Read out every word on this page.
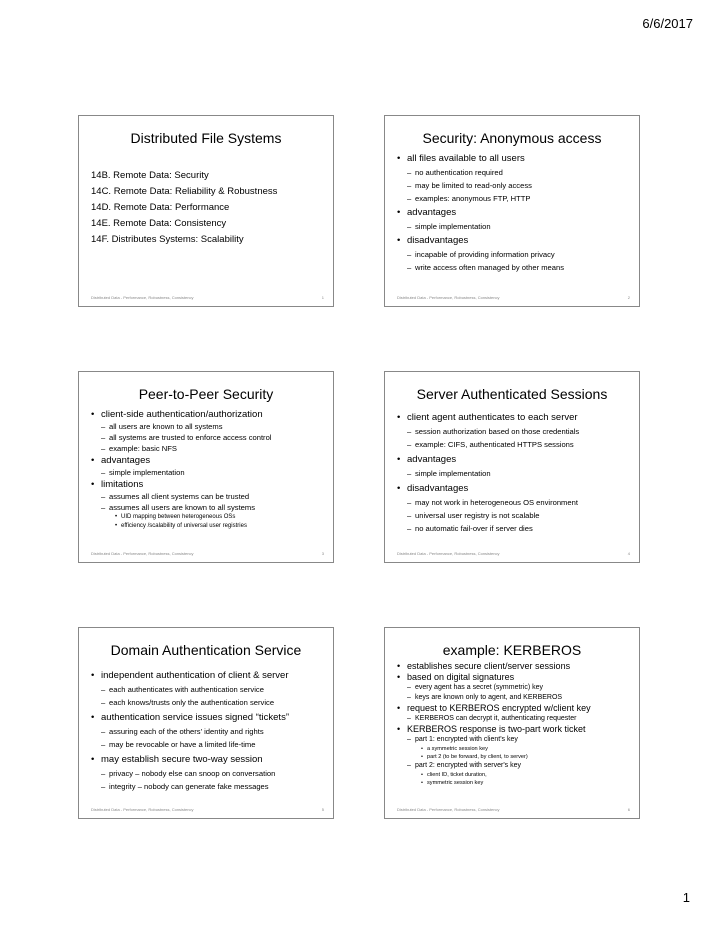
6/6/2017
Distributed File Systems
14B. Remote Data: Security
14C. Remote Data: Reliability & Robustness
14D. Remote Data: Performance
14E. Remote Data: Consistency
14F. Distributes Systems: Scalability
Distributed Data - Performance, Robustness, Consistency	1
Security: Anonymous access
• all files available to all users
– no authentication required
– may be limited to read-only access
– examples: anonymous FTP, HTTP
• advantages
– simple implementation
• disadvantages
– incapable of providing information privacy
– write access often managed by other means
Distributed Data - Performance, Robustness, Consistency	2
Peer-to-Peer Security
• client-side authentication/authorization
– all users are known to all systems
– all systems are trusted to enforce access control
– example: basic NFS
• advantages
– simple implementation
• limitations
– assumes all client systems can be trusted
– assumes all users are known to all systems
• UID mapping between heterogeneous OSs
• efficiency /scalability of universal user registries
Distributed Data - Performance, Robustness, Consistency	3
Server Authenticated Sessions
• client agent authenticates to each server
– session authorization based on those credentials
– example: CIFS, authenticated HTTPS sessions
• advantages
– simple implementation
• disadvantages
– may not work in heterogeneous OS environment
– universal user registry is not scalable
– no automatic fail-over if server dies
Distributed Data - Performance, Robustness, Consistency	4
Domain Authentication Service
• independent authentication of client & server
– each authenticates with authentication service
– each knows/trusts only the authentication service
• authentication service issues signed “tickets”
– assuring each of the others’ identity and rights
– may be revocable or have a limited life-time
• may establish secure two-way session
– privacy – nobody else can snoop on conversation
– integrity – nobody can generate fake messages
Distributed Data - Performance, Robustness, Consistency	5
example: KERBEROS
• establishes secure client/server sessions
• based on digital signatures
– every agent has a secret (symmetric) key
– keys are known only to agent, and KERBEROS
• request to KERBEROS encrypted w/client key
– KERBEROS can decrypt it, authenticating requester
• KERBEROS response is two-part work ticket
– part 1: encrypted with client's key
• a symmetric session key
• part 2 (to be forward, by client, to server)
– part 2: encrypted with server's key
• client ID, ticket duration,
• symmetric session key
Distributed Data - Performance, Robustness, Consistency	6
1
